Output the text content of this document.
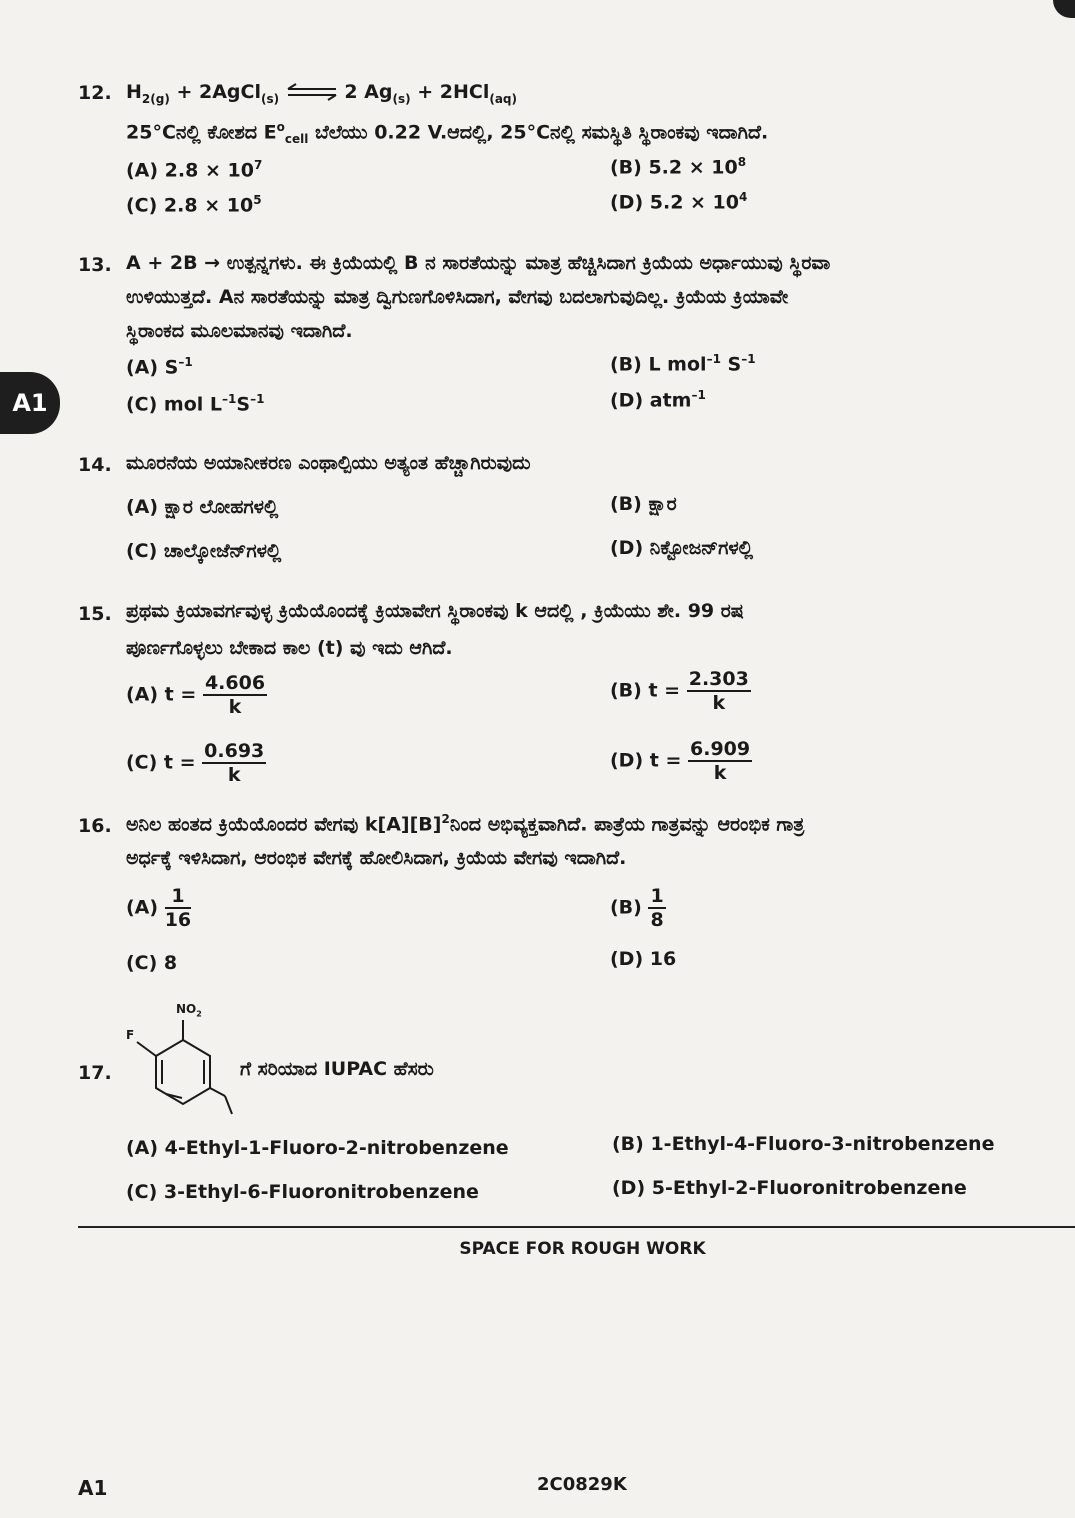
A1
12. $H_{2(g)}$ + 2AgCl$_{(s)}$ ⇌ 2 $Ag_{(s)} + 2HCl_{(aq)}$
25°Cನಲ್ಲಿ ಕೋಶದ $E^o_{cell}$ ಬೆಲೆಯು 0.22 V.ಆದಲ್ಲಿ, 25°Cನಲ್ಲಿ ಸಮಸ್ಥಿತಿ ಸ್ಥಿರಾಂಕವು ಇದಾಗಿದೆ.
(A) $2.8 \times 10^7$	(B) $5.2 \times 10^8$
(C) $2.8 \times 10^5$	(D) $5.2 \times 10^4$
13. A + 2B → ಉತ್ಪನ್ನಗಳು. ಈ ಕ್ರಿಯೆಯಲ್ಲಿ B ನ ಸಾರತೆಯನ್ನು ಮಾತ್ರ ಹೆಚ್ಚಿಸಿದಾಗ ಕ್ರಿಯೆಯ ಅರ್ಧಾಯುವು ಸ್ಥಿರವಾ
ಉಳಿಯುತ್ತದೆ. Aನ ಸಾರತೆಯನ್ನು ಮಾತ್ರ ದ್ವಿಗುಣಗೊಳಿಸಿದಾಗ, ವೇಗವು ಬದಲಾಗುವುದಿಲ್ಲ. ಕ್ರಿಯೆಯ ಕ್ರಿಯಾವೇ
ಸ್ಥಿರಾಂಕದ ಮೂಲಮಾನವು ಇದಾಗಿದೆ.
(A) $S^{-1}$	(B) L mol$^{-1}$ $S^{-1}$
(C) mol $L^{-1}S^{-1}$	(D) atm$^{-1}$
14. ಮೂರನೆಯ ಅಯಾನೀಕರಣ ಎಂಥಾಲ್ಪಿಯು ಅತ್ಯಂತ ಹೆಚ್ಚಾಗಿರುವುದು
(A) ಕ್ಷಾರ ಲೋಹಗಳಲ್ಲಿ	(B) ಕ್ಷಾರ
(C) ಚಾಲ್ಕೋಜೆನ್‌ಗಳಲ್ಲಿ	(D) ನಿಕ್ಟೋಜನ್‌ಗಳಲ್ಲಿ
15. ಪ್ರಥಮ ಕ್ರಿಯಾವರ್ಗವುಳ್ಳ ಕ್ರಿಯೆಯೊಂದಕ್ಕೆ ಕ್ರಿಯಾವೇಗ ಸ್ಥಿರಾಂಕವು k ಆದಲ್ಲಿ , ಕ್ರಿಯೆಯು ಶೇ. 99 ರಷ
ಪೂರ್ಣಗೊಳ್ಳಲು ಬೇಕಾದ ಕಾಲ (t) ವು ಇದು ಆಗಿದೆ.
(A) $t = \frac{4.606}{k}$	(B) $t = \frac{2.303}{k}$
(C) $t = \frac{0.693}{k}$	(D) $t = \frac{6.909}{k}$
16. ಅನಿಲ ಹಂತದ ಕ್ರಿಯೆಯೊಂದರ ವೇಗವು $k[A][B]^2ನಿಂದ$ ಅಭಿವ್ಯಕ್ತವಾಗಿದೆ. ಪಾತ್ರೆಯ ಗಾತ್ರವನ್ನು ಆರಂಭಿಕ ಗಾತ್ರ
ಅರ್ಧಕ್ಕೆ ಇಳಿಸಿದಾಗ, ಆರಂಭಿಕ ವೇಗಕ್ಕೆ ಹೋಲಿಸಿದಾಗ, ಕ್ರಿಯೆಯ ವೇಗವು ಇದಾಗಿದೆ.
$(A) \frac{1}{16}$	$(B) \frac{1}{8}$
(C) 8	(D) 16
17.
$NO_2$
F
ಗೆ ಸರಿಯಾದ IUPAC ಹೆಸರು
(A) 4-Ethyl-1-Fluoro-2-nitrobenzene	(B) 1-Ethyl-4-Fluoro-3-nitrobenzene
(C) 3-Ethyl-6-Fluoronitrobenzene	(D) 5-Ethyl-2-Fluoronitrobenzene
SPACE FOR ROUGH WORK
A1	2C0829K
